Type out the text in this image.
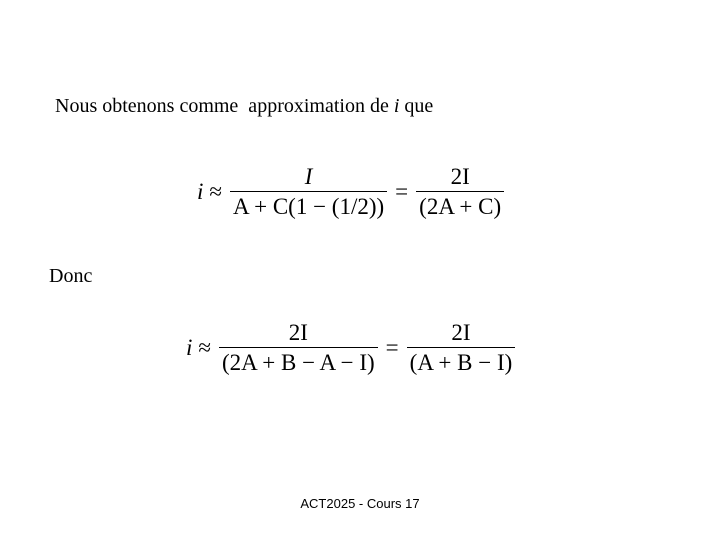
Nous obtenons comme  approximation de i que
$i \approx \frac{I}{A + C(1 - (1/2))} = \frac{2I}{(2A + C)}$
Donc
$i \approx \frac{2I}{(2A + B - A - I)} = \frac{2I}{(A + B - I)}$
ACT2025 - Cours 17
